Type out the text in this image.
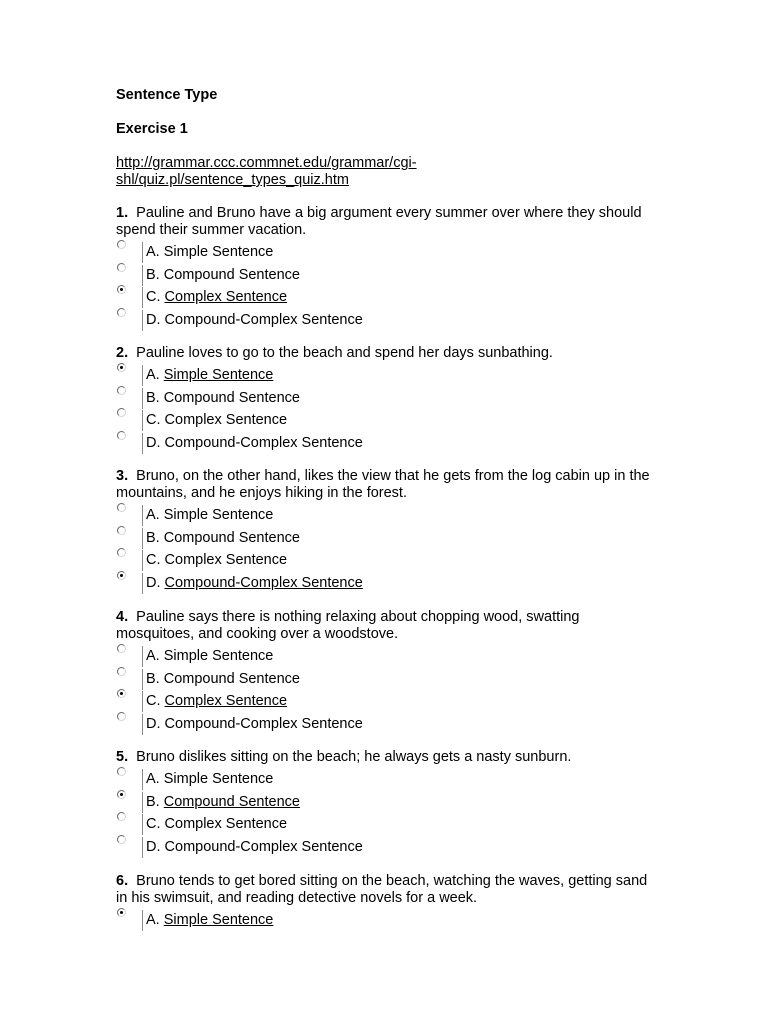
Sentence Type
Exercise 1
http://grammar.ccc.commnet.edu/grammar/cgi-
shl/quiz.pl/sentence_types_quiz.htm
1. Pauline and Bruno have a big argument every summer over where they should spend their summer vacation.
A. Simple Sentence
B. Compound Sentence
C. Complex Sentence
D. Compound-Complex Sentence
2. Pauline loves to go to the beach and spend her days sunbathing.
A. Simple Sentence
B. Compound Sentence
C. Complex Sentence
D. Compound-Complex Sentence
3. Bruno, on the other hand, likes the view that he gets from the log cabin up in the mountains, and he enjoys hiking in the forest.
A. Simple Sentence
B. Compound Sentence
C. Complex Sentence
D. Compound-Complex Sentence
4. Pauline says there is nothing relaxing about chopping wood, swatting mosquitoes, and cooking over a woodstove.
A. Simple Sentence
B. Compound Sentence
C. Complex Sentence
D. Compound-Complex Sentence
5. Bruno dislikes sitting on the beach; he always gets a nasty sunburn.
A. Simple Sentence
B. Compound Sentence
C. Complex Sentence
D. Compound-Complex Sentence
6. Bruno tends to get bored sitting on the beach, watching the waves, getting sand in his swimsuit, and reading detective novels for a week.
A. Simple Sentence
